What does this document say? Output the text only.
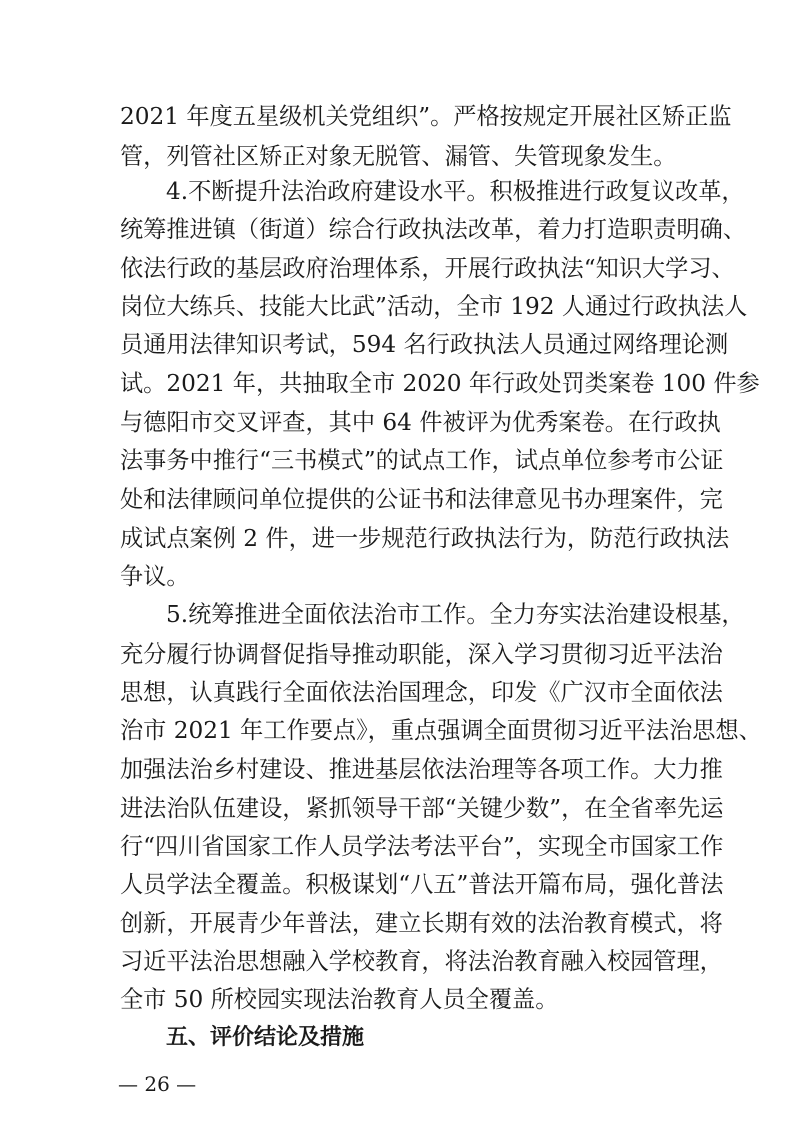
2021 年度五星级机关党组织”。严格按规定开展社区矫正监
管，列管社区矫正对象无脱管、漏管、失管现象发生。
4.不断提升法治政府建设水平。积极推进行政复议改革，
统筹推进镇（街道）综合行政执法改革，着力打造职责明确、
依法行政的基层政府治理体系，开展行政执法“知识大学习、
岗位大练兵、技能大比武”活动，全市 192 人通过行政执法人
员通用法律知识考试，594 名行政执法人员通过网络理论测
试。2021 年，共抽取全市 2020 年行政处罚类案卷 100 件参
与德阳市交叉评查，其中 64 件被评为优秀案卷。在行政执
法事务中推行“三书模式”的试点工作，试点单位参考市公证
处和法律顾问单位提供的公证书和法律意见书办理案件，完
成试点案例 2 件，进一步规范行政执法行为，防范行政执法
争议。
5.统筹推进全面依法治市工作。全力夯实法治建设根基，
充分履行协调督促指导推动职能，深入学习贯彻习近平法治
思想，认真践行全面依法治国理念，印发《广汉市全面依法
治市 2021 年工作要点》，重点强调全面贯彻习近平法治思想、
加强法治乡村建设、推进基层依法治理等各项工作。大力推
进法治队伍建设，紧抓领导干部“关键少数”，在全省率先运
行“四川省国家工作人员学法考法平台”，实现全市国家工作
人员学法全覆盖。积极谋划“八五”普法开篇布局，强化普法
创新，开展青少年普法，建立长期有效的法治教育模式，将
习近平法治思想融入学校教育，将法治教育融入校园管理，
全市 50 所校园实现法治教育人员全覆盖。
五、评价结论及措施
— 26 —
